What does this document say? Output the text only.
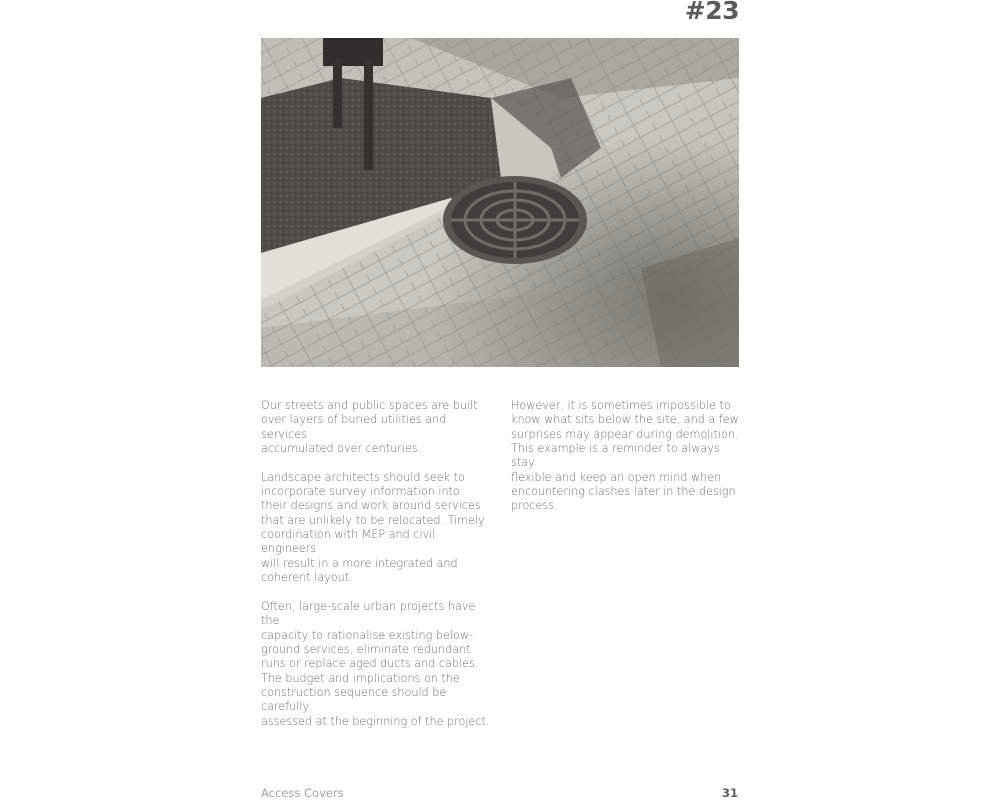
#23

Our streets and public spaces are built
over layers of buried utilities and services
accumulated over centuries.

Landscape architects should seek to
incorporate survey information into
their designs and work around services
that are unlikely to be relocated. Timely
coordination with MEP and civil engineers
will result in a more integrated and
coherent layout.

Often, large-scale urban projects have the
capacity to rationalise existing below-
ground services, eliminate redundant
runs or replace aged ducts and cables.
The budget and implications on the
construction sequence should be carefully
assessed at the beginning of the project.

However, it is sometimes impossible to
know what sits below the site, and a few
surprises may appear during demolition.
This example is a reminder to always stay
flexible and keep an open mind when
encountering clashes later in the design
process.

Access Covers	31
